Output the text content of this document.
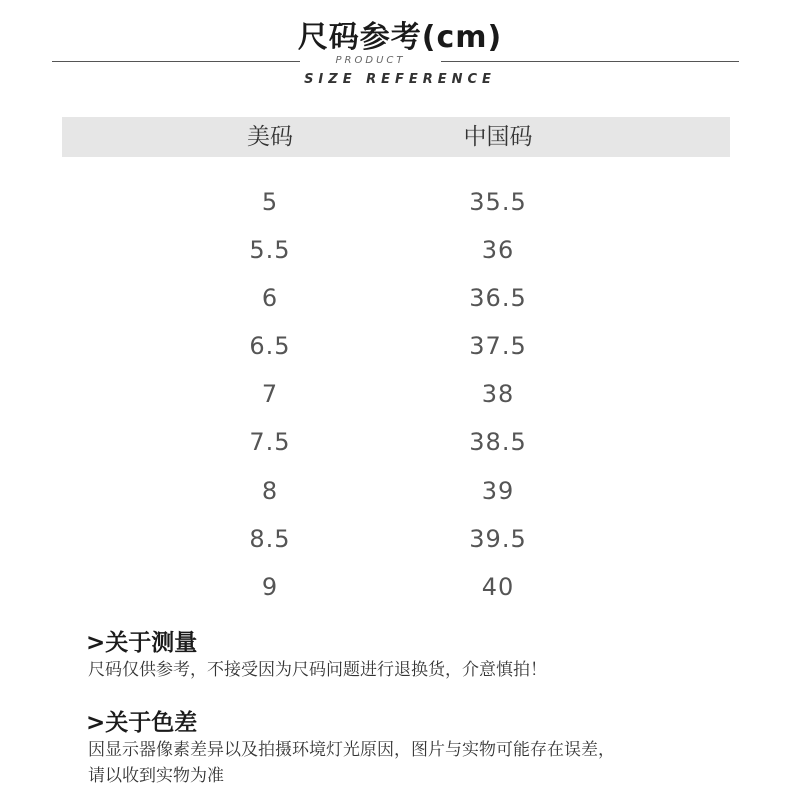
尺码参考(cm)
PRODUCT
SIZE REFERENCE
美码	中国码
5	35.5
5.5	36
6	36.5
6.5	37.5
7	38
7.5	38.5
8	39
8.5	39.5
9	40
>关于测量
尺码仅供参考，不接受因为尺码问题进行退换货，介意慎拍！
>关于色差
因显示器像素差异以及拍摄环境灯光原因，图片与实物可能存在误差，
请以收到实物为准
